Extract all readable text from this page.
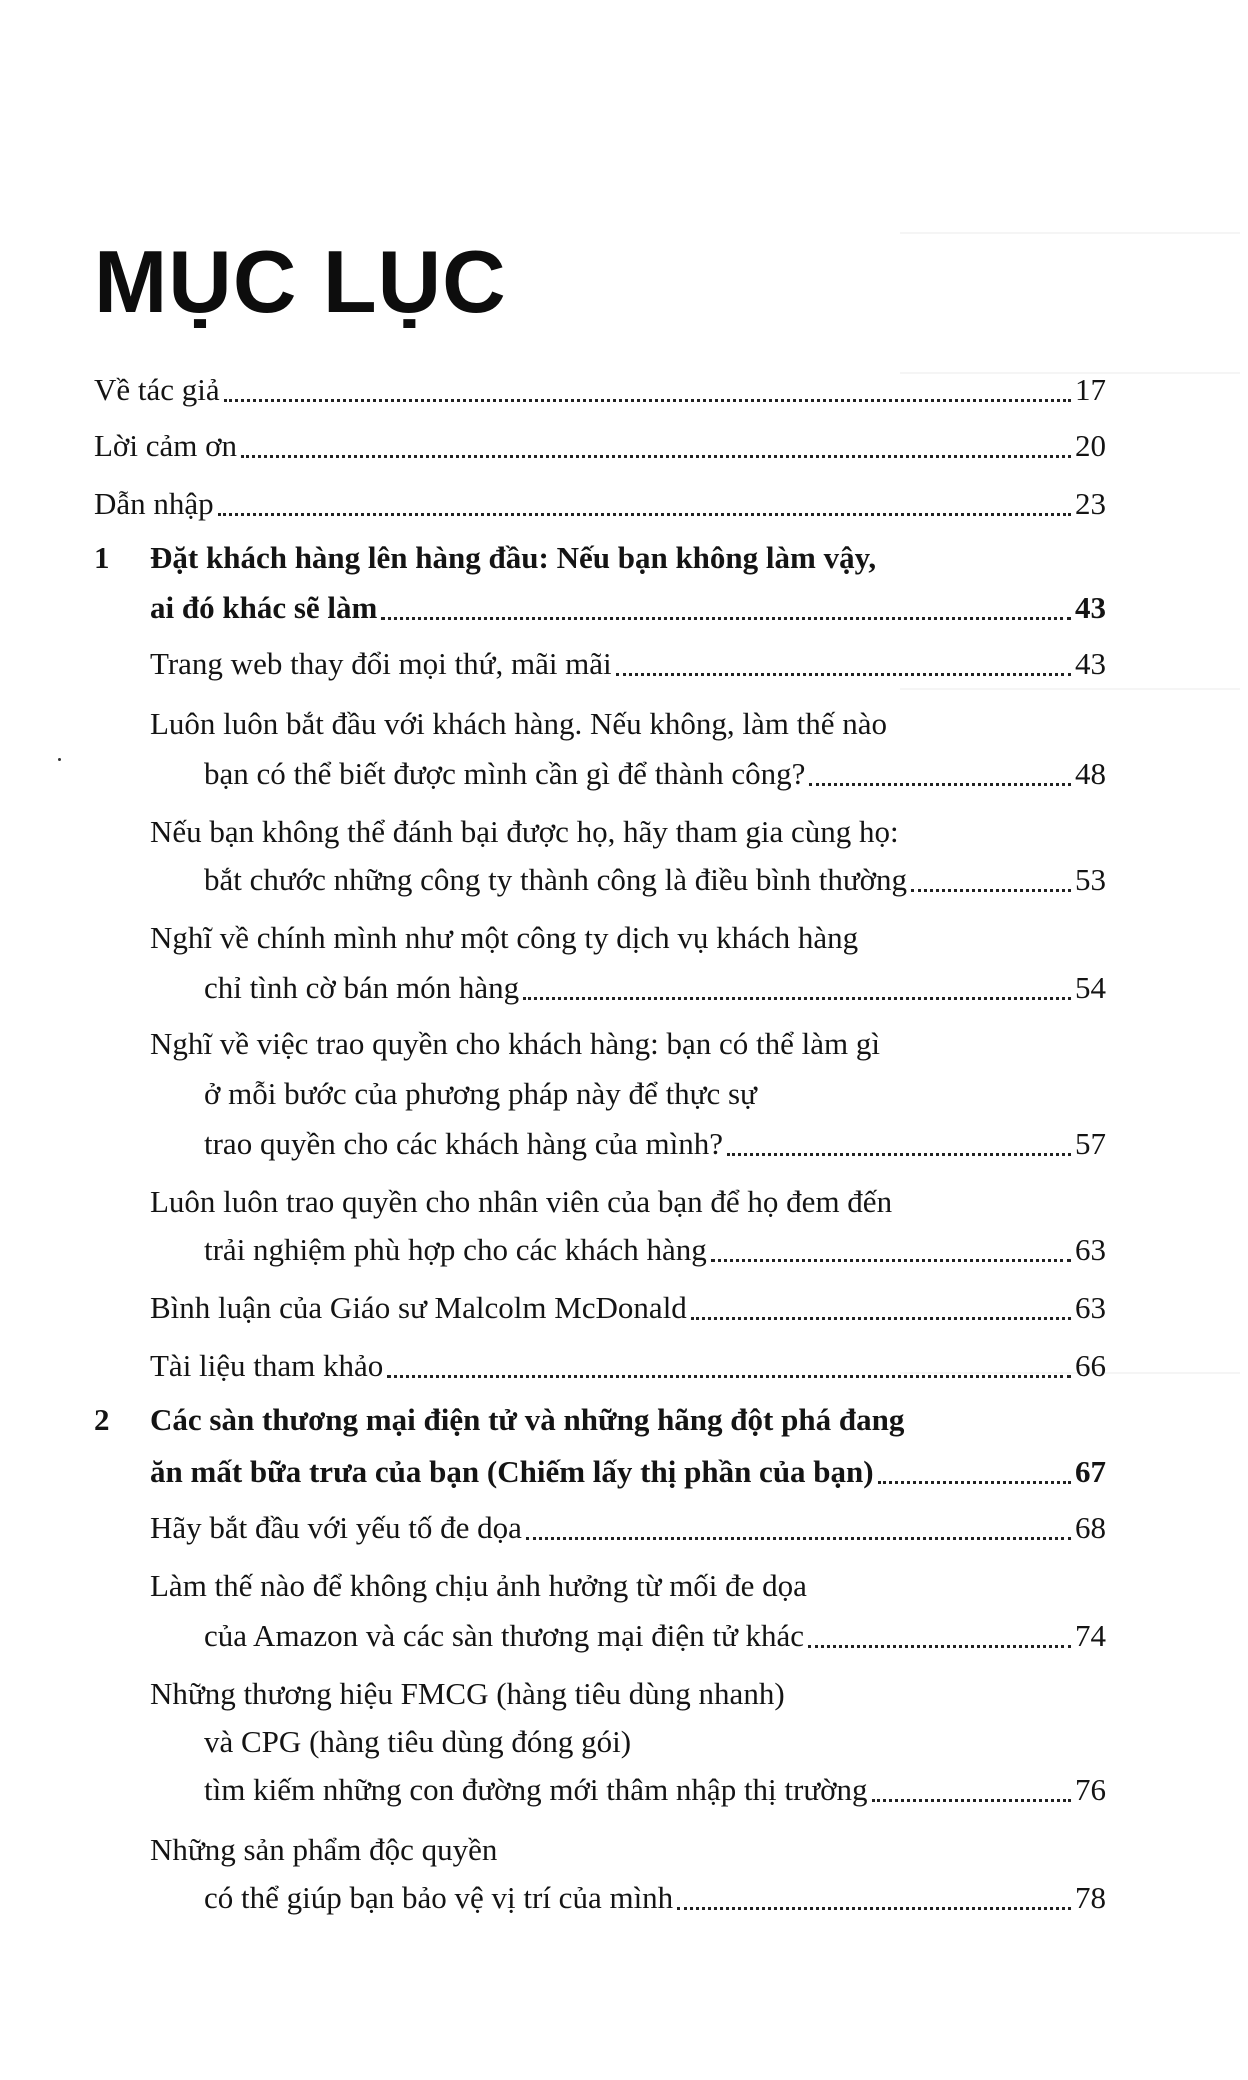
MỤC LỤC
Về tác giả	17
Lời cảm ơn	20
Dẫn nhập	23
1 Đặt khách hàng lên hàng đầu: Nếu bạn không làm vậy,
ai đó khác sẽ làm	43
Trang web thay đổi mọi thứ, mãi mãi	43
Luôn luôn bắt đầu với khách hàng. Nếu không, làm thế nào
bạn có thể biết được mình cần gì để thành công?	48
Nếu bạn không thể đánh bại được họ, hãy tham gia cùng họ:
bắt chước những công ty thành công là điều bình thường	53
Nghĩ về chính mình như một công ty dịch vụ khách hàng
chỉ tình cờ bán món hàng	54
Nghĩ về việc trao quyền cho khách hàng: bạn có thể làm gì
ở mỗi bước của phương pháp này để thực sự
trao quyền cho các khách hàng của mình?	57
Luôn luôn trao quyền cho nhân viên của bạn để họ đem đến
trải nghiệm phù hợp cho các khách hàng	63
Bình luận của Giáo sư Malcolm McDonald	63
Tài liệu tham khảo	66
2 Các sàn thương mại điện tử và những hãng đột phá đang
ăn mất bữa trưa của bạn (Chiếm lấy thị phần của bạn)	67
Hãy bắt đầu với yếu tố đe dọa	68
Làm thế nào để không chịu ảnh hưởng từ mối đe dọa
của Amazon và các sàn thương mại điện tử khác	74
Những thương hiệu FMCG (hàng tiêu dùng nhanh)
và CPG (hàng tiêu dùng đóng gói)
tìm kiếm những con đường mới thâm nhập thị trường	76
Những sản phẩm độc quyền
có thể giúp bạn bảo vệ vị trí của mình	78
